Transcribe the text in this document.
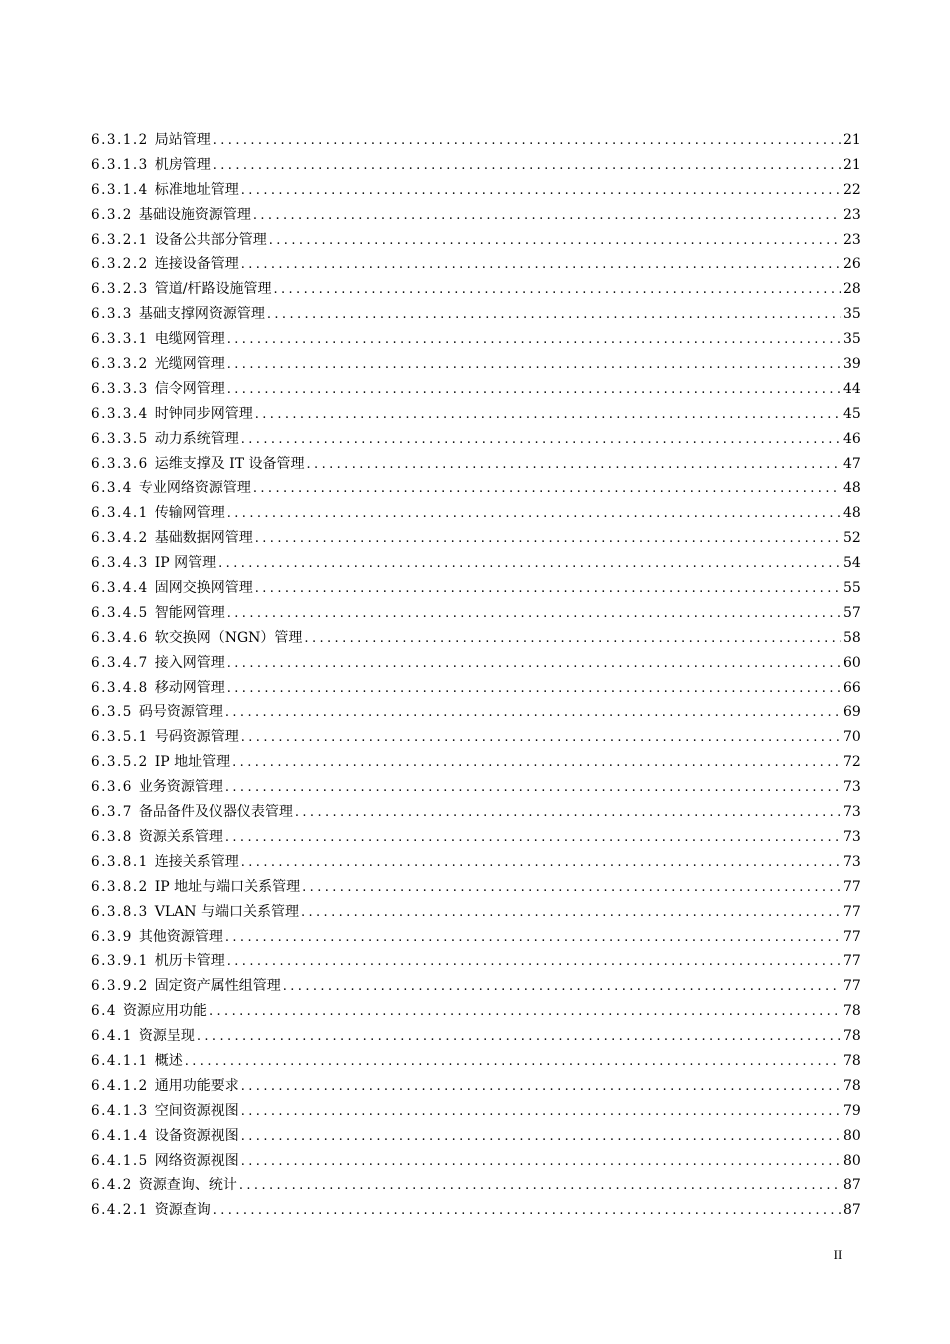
6.3.1.2 局站管理 .....	21
6.3.1.3 机房管理 .....	21
6.3.1.4 标准地址管理 .....	22
6.3.2 基础设施资源管理 .....	23
6.3.2.1 设备公共部分管理 .....	23
6.3.2.2 连接设备管理 .....	26
6.3.2.3 管道/杆路设施管理 .....	28
6.3.3 基础支撑网资源管理 .....	35
6.3.3.1 电缆网管理 .....	35
6.3.3.2 光缆网管理 .....	39
6.3.3.3 信令网管理 .....	44
6.3.3.4 时钟同步网管理 .....	45
6.3.3.5 动力系统管理 .....	46
6.3.3.6 运维支撑及 IT 设备管理 .....	47
6.3.4 专业网络资源管理 .....	48
6.3.4.1 传输网管理 .....	48
6.3.4.2 基础数据网管理 .....	52
6.3.4.3 IP 网管理 .....	54
6.3.4.4 固网交换网管理 .....	55
6.3.4.5 智能网管理 .....	57
6.3.4.6 软交换网（NGN）管理 .....	58
6.3.4.7 接入网管理 .....	60
6.3.4.8 移动网管理 .....	66
6.3.5 码号资源管理 .....	69
6.3.5.1 号码资源管理 .....	70
6.3.5.2 IP 地址管理 .....	72
6.3.6 业务资源管理 .....	73
6.3.7 备品备件及仪器仪表管理 .....	73
6.3.8 资源关系管理 .....	73
6.3.8.1 连接关系管理 .....	73
6.3.8.2 IP 地址与端口关系管理 .....	77
6.3.8.3 VLAN 与端口关系管理 .....	77
6.3.9 其他资源管理 .....	77
6.3.9.1 机历卡管理 .....	77
6.3.9.2 固定资产属性组管理 .....	77
6.4 资源应用功能 .....	78
6.4.1 资源呈现 .....	78
6.4.1.1 概述 .....	78
6.4.1.2 通用功能要求 .....	78
6.4.1.3 空间资源视图 .....	79
6.4.1.4 设备资源视图 .....	80
6.4.1.5 网络资源视图 .....	80
6.4.2 资源查询、统计 .....	87
6.4.2.1 资源查询 .....	87
II
